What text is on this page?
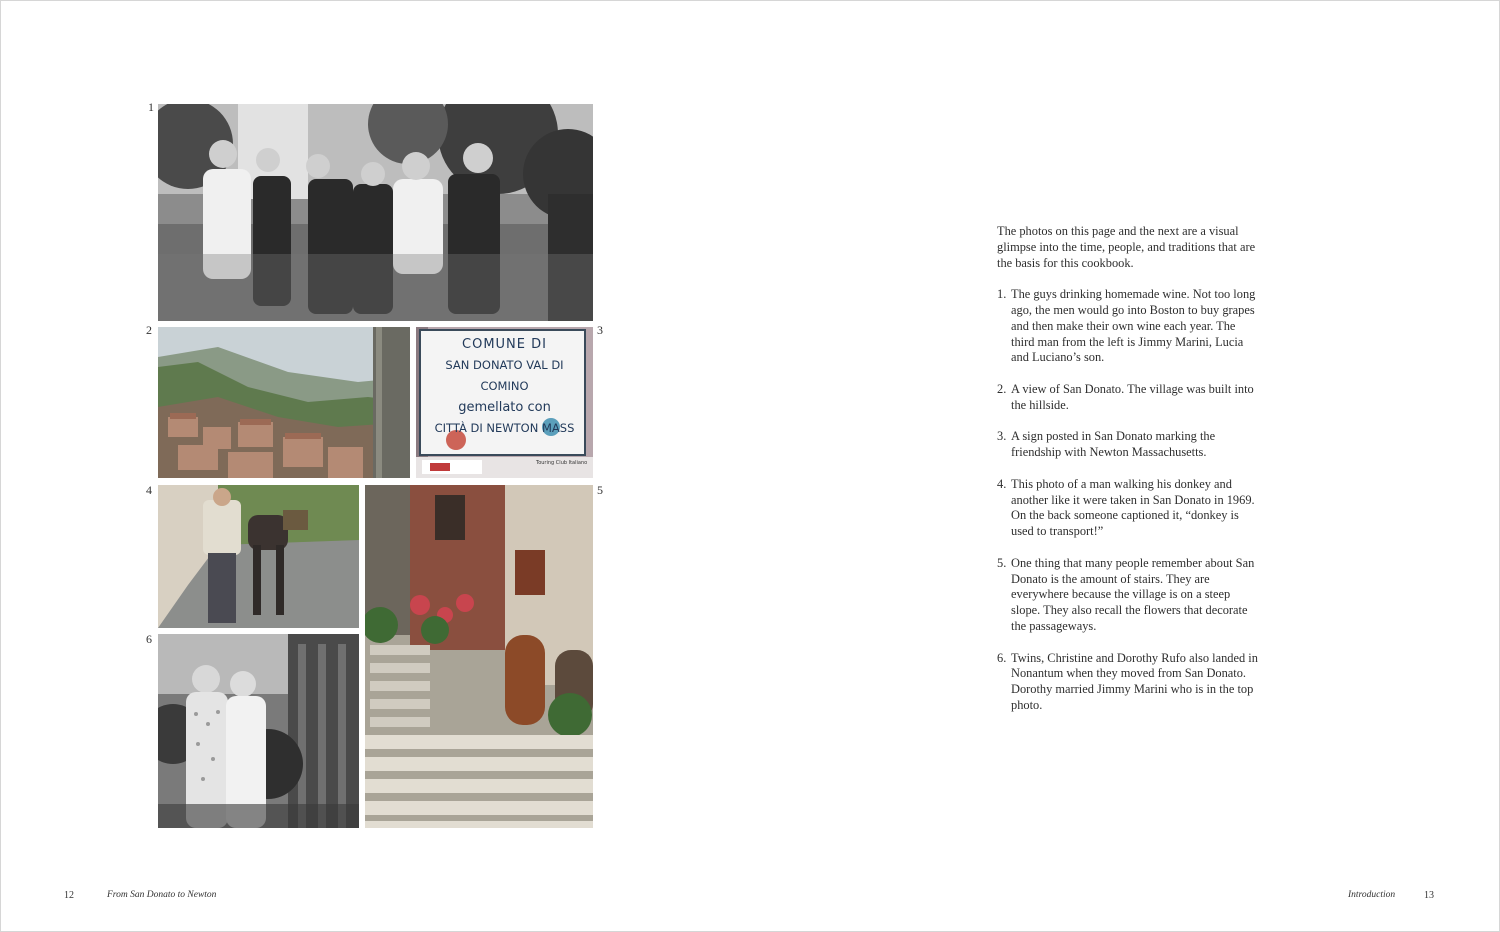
1
2	3
4	5
6
COMUNE DI
SAN DONATO VAL DI COMINO
gemellato con
CITTÀ DI NEWTON MASS
Touring Club Italiano

The photos on this page and the next are a visual glimpse into the time, people, and traditions that are the basis for this cookbook.

1. The guys drinking homemade wine. Not too long ago, the men would go into Boston to buy grapes and then make their own wine each year. The third man from the left is Jimmy Marini, Lucia and Luciano’s son.
2. A view of San Donato. The village was built into the hillside.
3. A sign posted in San Donato marking the friendship with Newton Massachusetts.
4. This photo of a man walking his donkey and another like it were taken in San Donato in 1969. On the back someone captioned it, “donkey is used to transport!”
5. One thing that many people remember about San Donato is the amount of stairs. They are everywhere because the village is on a steep slope. They also recall the flowers that decorate the passageways.
6. Twins, Christine and Dorothy Rufo also landed in Nonantum when they moved from San Donato. Dorothy married Jimmy Marini who is in the top photo.
12	From San Donato to Newton	Introduction	13
